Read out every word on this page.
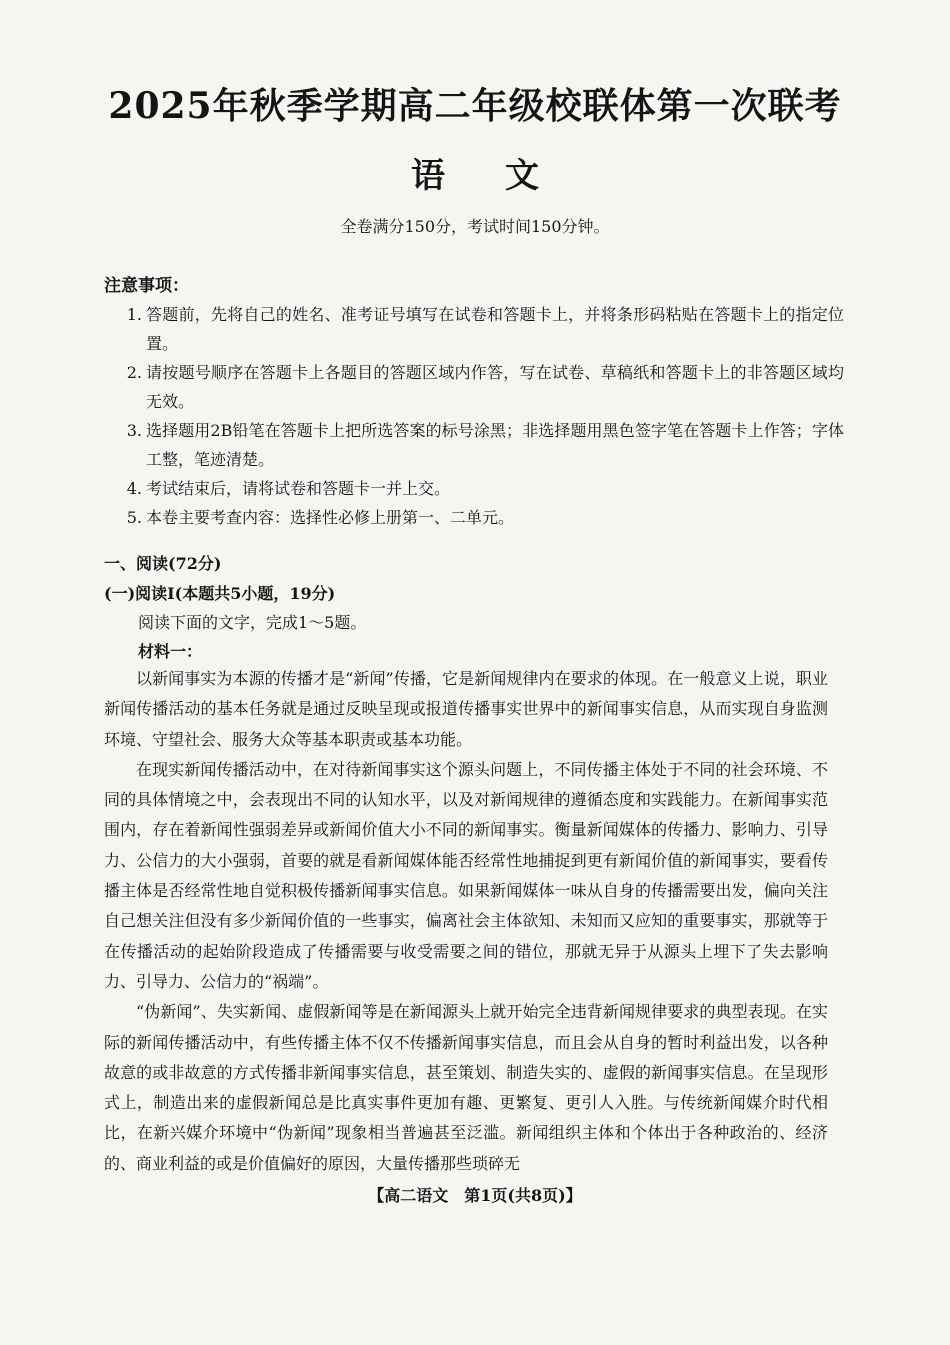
2025年秋季学期高二年级校联体第一次联考
语文
全卷满分150分，考试时间150分钟。
注意事项：
1. 答题前，先将自己的姓名、准考证号填写在试卷和答题卡上，并将条形码粘贴在答题卡上的指定位置。
2. 请按题号顺序在答题卡上各题目的答题区域内作答，写在试卷、草稿纸和答题卡上的非答题区域均无效。
3. 选择题用2B铅笔在答题卡上把所选答案的标号涂黑；非选择题用黑色签字笔在答题卡上作答；字体工整，笔迹清楚。
4. 考试结束后，请将试卷和答题卡一并上交。
5. 本卷主要考查内容：选择性必修上册第一、二单元。
一、阅读(72分)
(一)阅读Ⅰ(本题共5小题，19分)
阅读下面的文字，完成1～5题。
材料一：

以新闻事实为本源的传播才是“新闻”传播，它是新闻规律内在要求的体现。在一般意义上说，职业新闻传播活动的基本任务就是通过反映呈现或报道传播事实世界中的新闻事实信息，从而实现自身监测环境、守望社会、服务大众等基本职责或基本功能。

在现实新闻传播活动中，在对待新闻事实这个源头问题上，不同传播主体处于不同的社会环境、不同的具体情境之中，会表现出不同的认知水平，以及对新闻规律的遵循态度和实践能力。在新闻事实范围内，存在着新闻性强弱差异或新闻价值大小不同的新闻事实。衡量新闻媒体的传播力、影响力、引导力、公信力的大小强弱，首要的就是看新闻媒体能否经常性地捕捉到更有新闻价值的新闻事实，要看传播主体是否经常性地自觉积极传播新闻事实信息。如果新闻媒体一味从自身的传播需要出发，偏向关注自己想关注但没有多少新闻价值的一些事实，偏离社会主体欲知、未知而又应知的重要事实，那就等于在传播活动的起始阶段造成了传播需要与收受需要之间的错位，那就无异于从源头上埋下了失去影响力、引导力、公信力的“祸端”。

“伪新闻”、失实新闻、虚假新闻等是在新闻源头上就开始完全违背新闻规律要求的典型表现。在实际的新闻传播活动中，有些传播主体不仅不传播新闻事实信息，而且会从自身的暂时利益出发，以各种故意的或非故意的方式传播非新闻事实信息，甚至策划、制造失实的、虚假的新闻事实信息。在呈现形式上，制造出来的虚假新闻总是比真实事件更加有趣、更繁复、更引人入胜。与传统新闻媒介时代相比，在新兴媒介环境中“伪新闻”现象相当普遍甚至泛滥。新闻组织主体和个体出于各种政治的、经济的、商业利益的或是价值偏好的原因，大量传播那些琐碎无

【高二语文　第1页(共8页)】
